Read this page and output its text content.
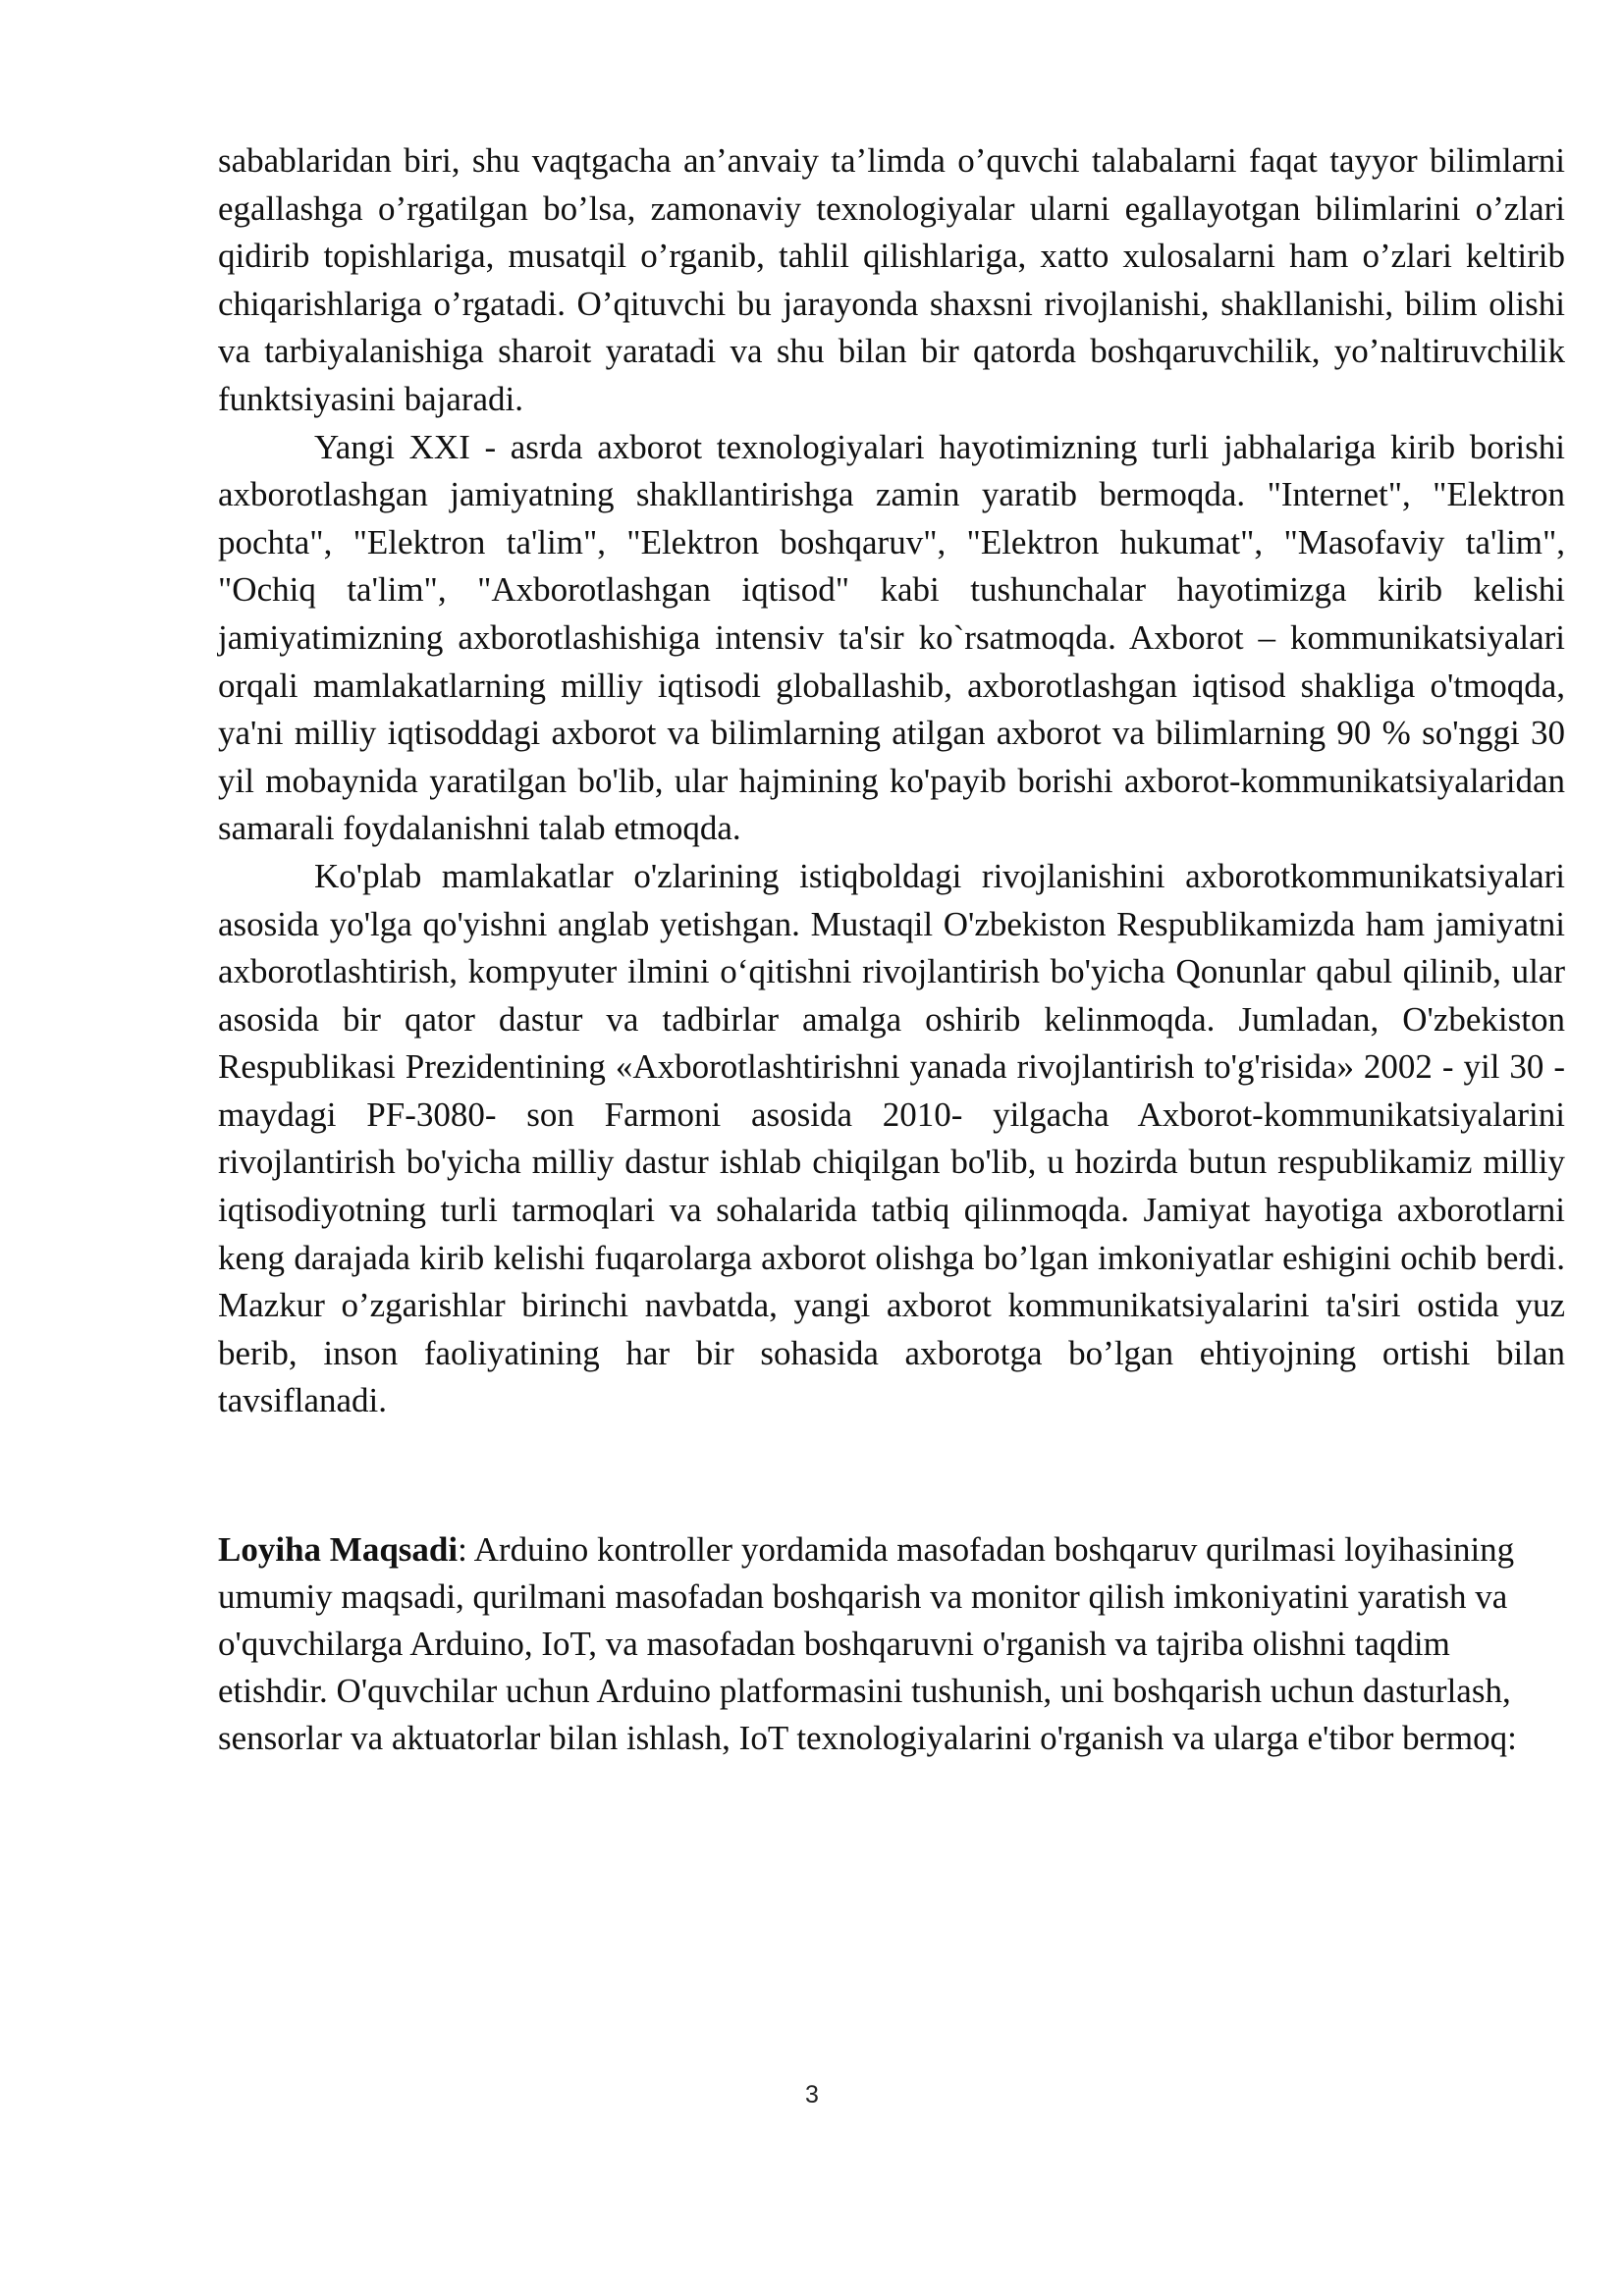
sabablaridan biri, shu vaqtgacha an’anvaiy ta’limda o’quvchi talabalarni faqat tayyor bilimlarni egallashga o’rgatilgan bo’lsa, zamonaviy texnologiyalar ularni egallayotgan bilimlarini o’zlari qidirib topishlariga, musatqil o’rganib, tahlil qilishlariga, xatto xulosalarni ham o’zlari keltirib chiqarishlariga o’rgatadi. O’qituvchi bu jarayonda shaxsni rivojlanishi, shakllanishi, bilim olishi va tarbiyalanishiga sharoit yaratadi va shu bilan bir qatorda boshqaruvchilik, yo’naltiruvchilik funktsiyasini bajaradi.

Yangi XXI - asrda axborot texnologiyalari hayotimizning turli jabhalariga kirib borishi axborotlashgan jamiyatning shakllantirishga zamin yaratib bermoqda. "Internet", "Elektron pochta", "Elektron ta'lim", "Elektron boshqaruv", "Elektron hukumat", "Masofaviy ta'lim", "Ochiq ta'lim", "Axborotlashgan iqtisod" kabi tushunchalar hayotimizga kirib kelishi jamiyatimizning axborotlashishiga intensiv ta'sir ko`rsatmoqda. Axborot – kommunikatsiyalari orqali mamlakatlarning milliy iqtisodi globallashib, axborotlashgan iqtisod shakliga o'tmoqda, ya'ni milliy iqtisoddagi axborot va bilimlarning atilgan axborot va bilimlarning 90 % so'nggi 30 yil mobaynida yaratilgan bo'lib, ular hajmining ko'payib borishi axborot-kommunikatsiyalaridan samarali foydalanishni talab etmoqda.

Ko'plab mamlakatlar o'zlarining istiqboldagi rivojlanishini axborotkommunikatsiyalari asosida yo'lga qo'yishni anglab yetishgan. Mustaqil O'zbekiston Respublikamizda ham jamiyatni axborotlashtirish, kompyuter ilmini o‘qitishni rivojlantirish bo'yicha Qonunlar qabul qilinib, ular asosida bir qator dastur va tadbirlar amalga oshirib kelinmoqda. Jumladan, O'zbekiston Respublikasi Prezidentining «Axborotlashtirishni yanada rivojlantirish to'g'risida» 2002 - yil 30 - maydagi PF-3080- son Farmoni asosida 2010- yilgacha Axborot-kommunikatsiyalarini rivojlantirish bo'yicha milliy dastur ishlab chiqilgan bo'lib, u hozirda butun respublikamiz milliy iqtisodiyotning turli tarmoqlari va sohalarida tatbiq qilinmoqda. Jamiyat hayotiga axborotlarni keng darajada kirib kelishi fuqarolarga axborot olishga bo’lgan imkoniyatlar eshigini ochib berdi. Mazkur o’zgarishlar birinchi navbatda, yangi axborot kommunikatsiyalarini ta'siri ostida yuz berib, inson faoliyatining har bir sohasida axborotga bo’lgan ehtiyojning ortishi bilan tavsiflanadi.

Loyiha Maqsadi: Arduino kontroller yordamida masofadan boshqaruv qurilmasi loyihasining umumiy maqsadi, qurilmani masofadan boshqarish va monitor qilish imkoniyatini yaratish va o'quvchilarga Arduino, IoT, va masofadan boshqaruvni o'rganish va tajriba olishni taqdim etishdir. O'quvchilar uchun Arduino platformasini tushunish, uni boshqarish uchun dasturlash, sensorlar va aktuatorlar bilan ishlash, IoT texnologiyalarini o'rganish va ularga e'tibor bermoq:

3
